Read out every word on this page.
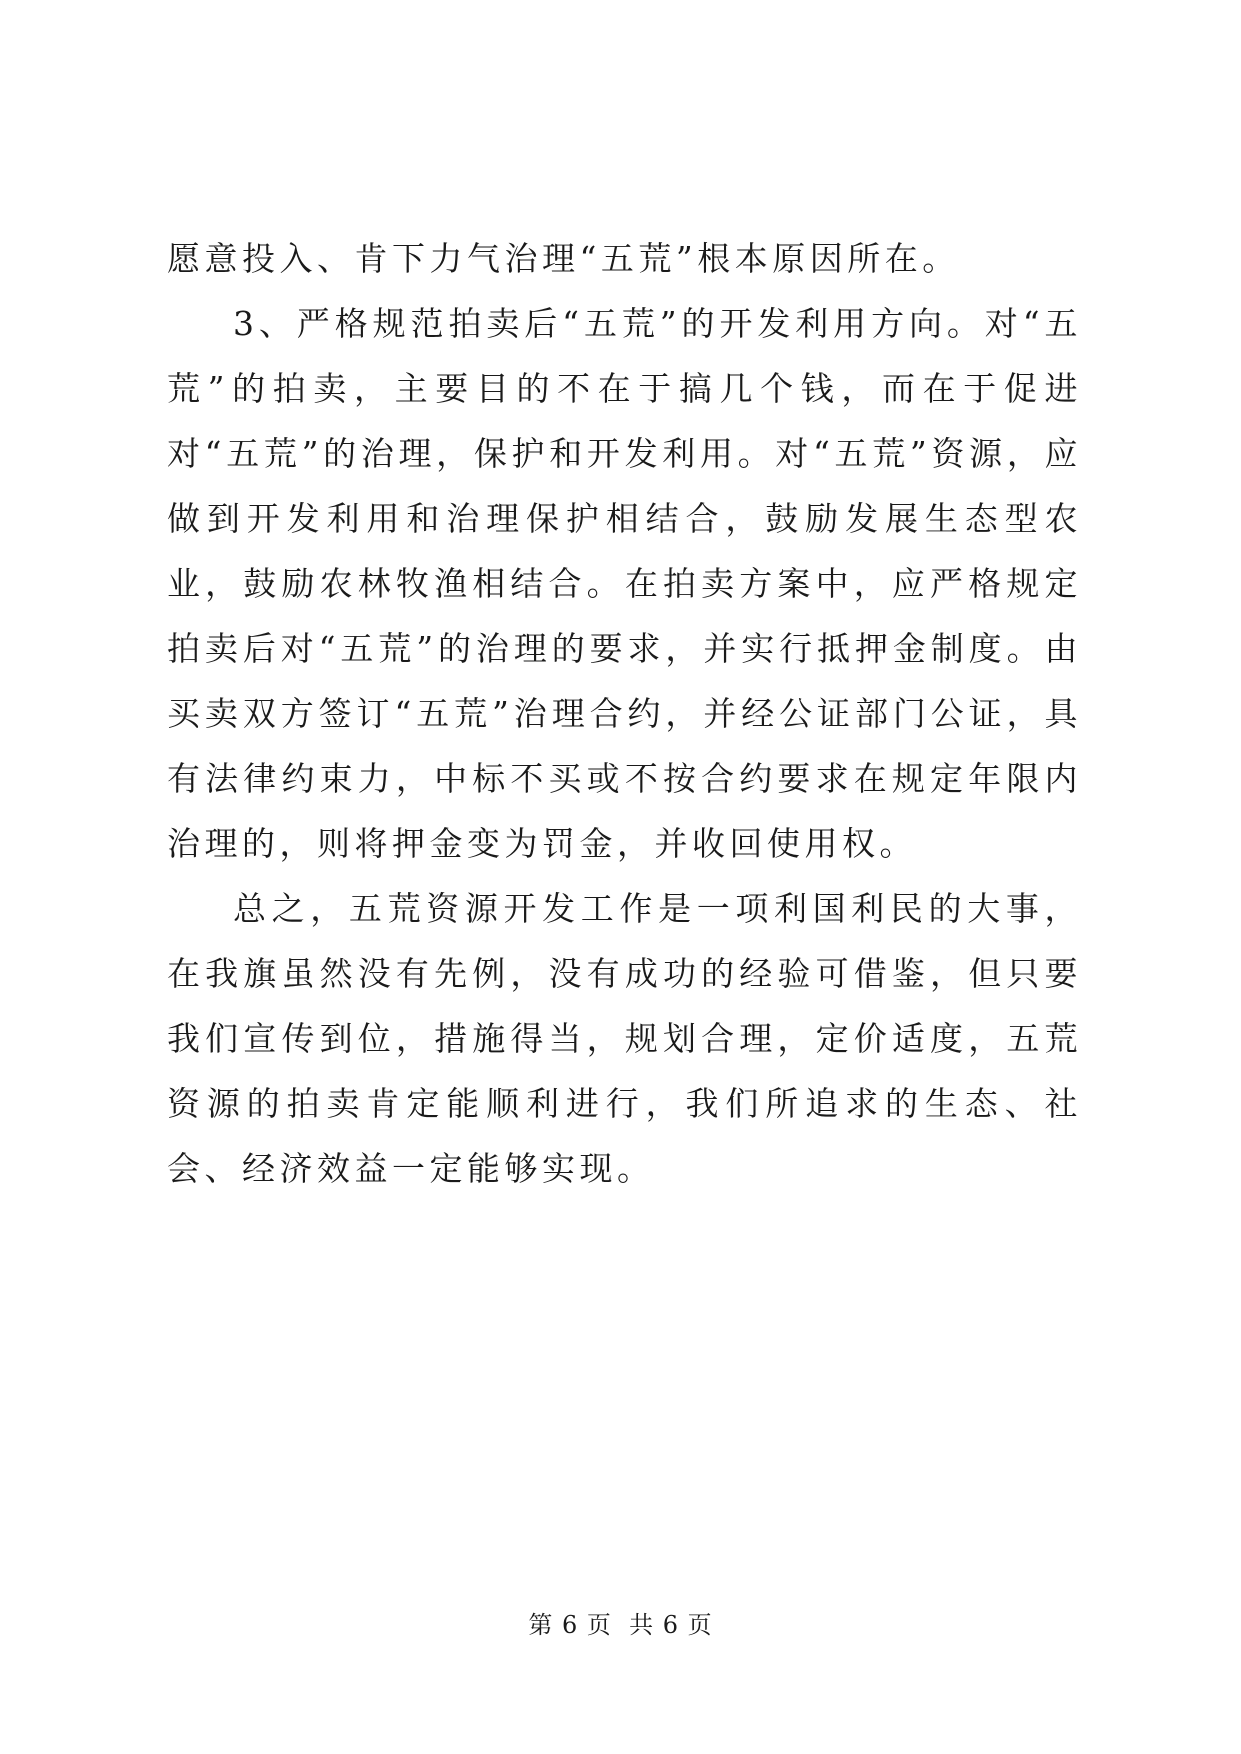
愿意投入、肯下力气治理“五荒”根本原因所在。

3、严格规范拍卖后“五荒”的开发利用方向。对“五荒”的拍卖，主要目的不在于搞几个钱，而在于促进对“五荒”的治理，保护和开发利用。对“五荒”资源，应做到开发利用和治理保护相结合，鼓励发展生态型农业，鼓励农林牧渔相结合。在拍卖方案中，应严格规定拍卖后对“五荒”的治理的要求，并实行抵押金制度。由买卖双方签订“五荒”治理合约，并经公证部门公证，具有法律约束力，中标不买或不按合约要求在规定年限内治理的，则将押金变为罚金，并收回使用权。

总之，五荒资源开发工作是一项利国利民的大事，在我旗虽然没有先例，没有成功的经验可借鉴，但只要我们宣传到位，措施得当，规划合理，定价适度，五荒资源的拍卖肯定能顺利进行，我们所追求的生态、社会、经济效益一定能够实现。

第 6 页  共 6 页
